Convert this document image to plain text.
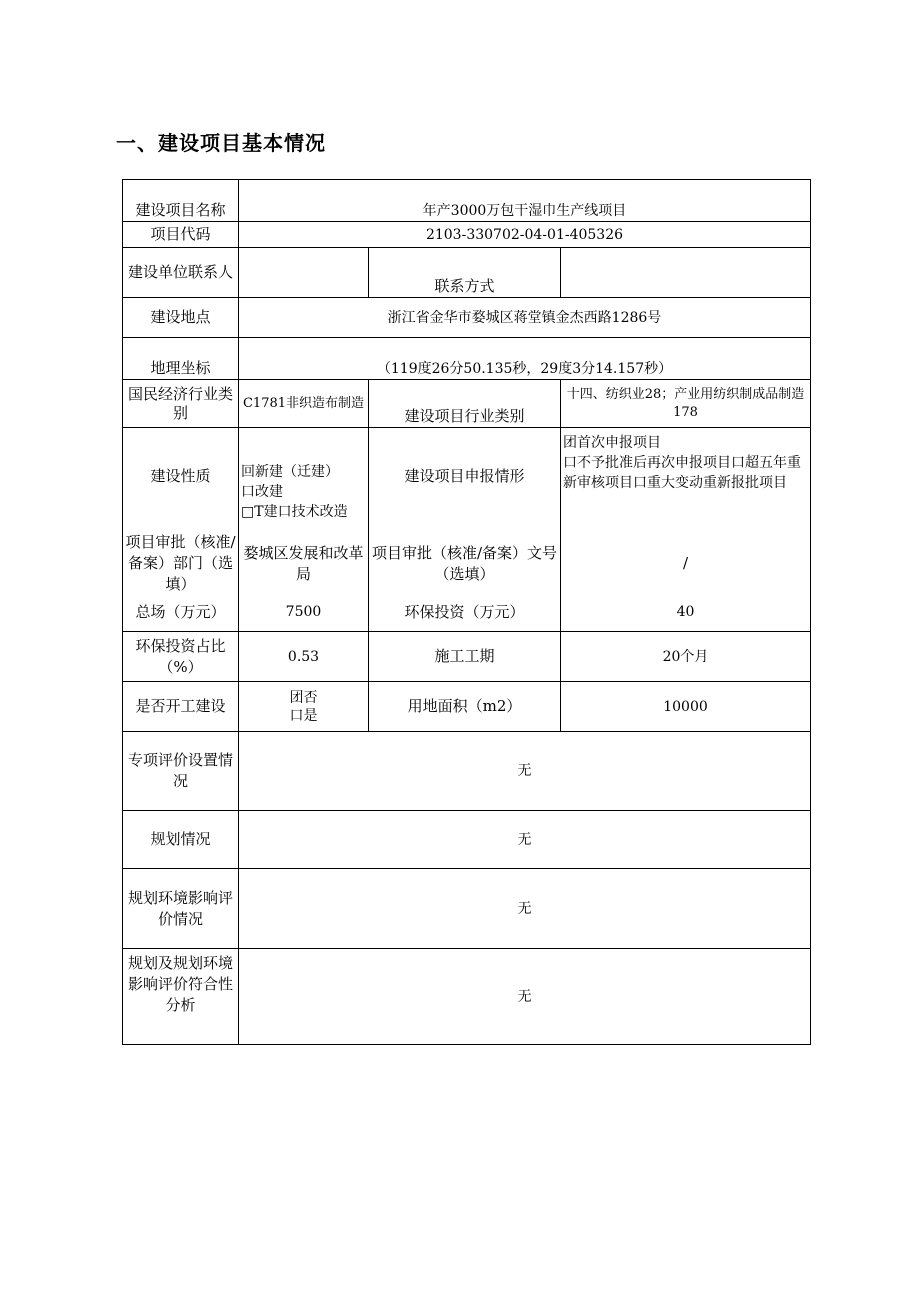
一、建设项目基本情况
建设项目名称	年产3000万包干湿巾生产线项目		
项目代码	2103-330702-04-01-405326		
建设单位联系人		联系方式	
建设地点	浙江省金华市婺城区蒋堂镇金杰西路1286号		
地理坐标	（119度26分50.135秒，29度3分14.157秒）		
国民经济行业类别	C1781非织造布制造	建设项目行业类别	十四、纺织业28；产业用纺织制成品制造178
建设性质	回新建（迁建）
口改建
□T建口技术改造	建设项目申报情形	团首次申报项目
口不予批准后再次申报项目口超五年重新审核项目口重大变动重新报批项目

项目审批（核准/备案）部门（选填）	婺城区发展和改革局	项目审批（核准/备案）文号（选填）	/
总场（万元）	7500	环保投资（万元）	40
环保投资占比（%）	0.53	施工工期	20个月
是否开工建设	团否
口是	用地面积（m2）	10000
专项评价设置情况	无		
规划情况	无		
规划环境影响评价情况	无		
规划及规划环境影响评价符合性分析	无		
